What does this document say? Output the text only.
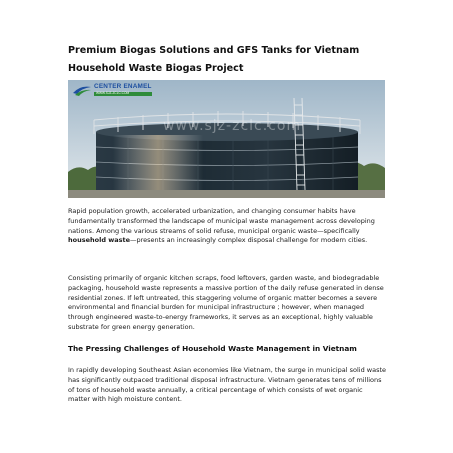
Premium Biogas Solutions and GFS Tanks for Vietnam
Household Waste Biogas Project
CENTER ENAMEL
WWW.SJZ-ZCLC.COM
www.sjz-zclc.com

Rapid population growth, accelerated urbanization, and changing consumer habits have fundamentally transformed the landscape of municipal waste management across developing nations. Among the various streams of solid refuse, municipal organic waste—specifically household waste—presents an increasingly complex disposal challenge for modern cities.

Consisting primarily of organic kitchen scraps, food leftovers, garden waste, and biodegradable packaging, household waste represents a massive portion of the daily refuse generated in dense residential zones. If left untreated, this staggering volume of organic matter becomes a severe environmental and financial burden for municipal infrastructure ; however, when managed through engineered waste-to-energy frameworks, it serves as an exceptional, highly valuable substrate for green energy generation.

The Pressing Challenges of Household Waste Management in Vietnam

In rapidly developing Southeast Asian economies like Vietnam, the surge in municipal solid waste has significantly outpaced traditional disposal infrastructure. Vietnam generates tens of millions of tons of household waste annually, a critical percentage of which consists of wet organic matter with high moisture content.
